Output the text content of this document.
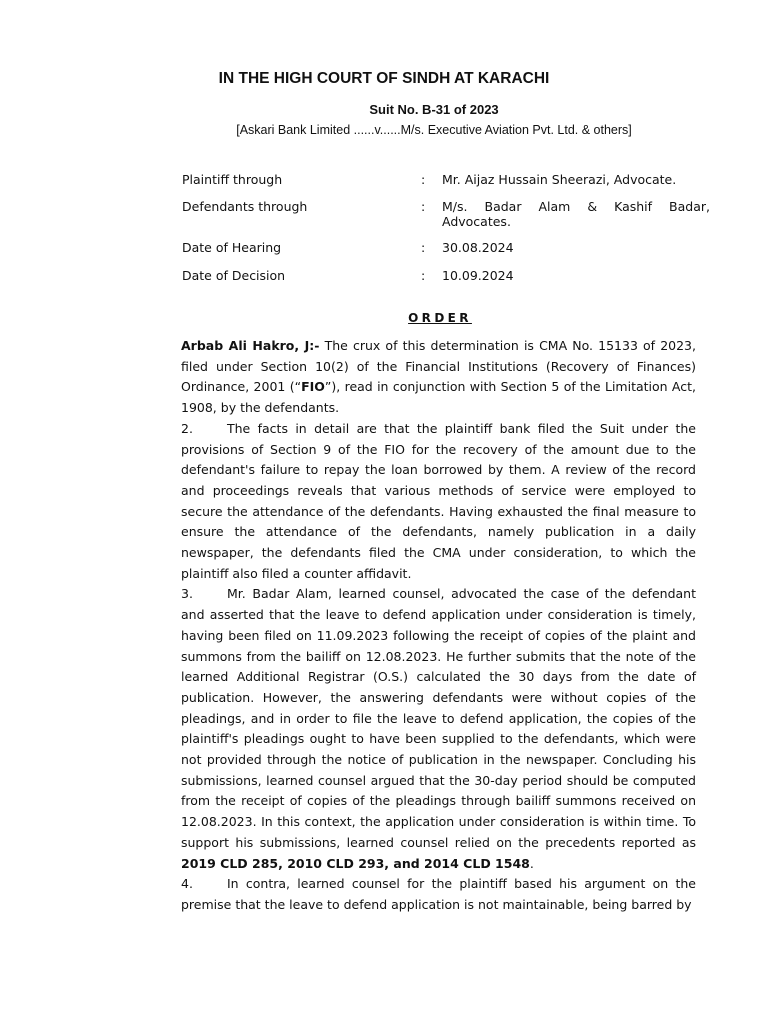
IN THE HIGH COURT OF SINDH AT KARACHI
Suit No. B-31 of 2023
[Askari Bank Limited ......v......M/s. Executive Aviation Pvt. Ltd. & others]
Plaintiff through	: Mr. Aijaz Hussain Sheerazi, Advocate.
Defendants through	: M/s. Badar Alam & Kashif Badar,
Advocates.
Date of Hearing	: 30.08.2024
Date of Decision	: 10.09.2024
ORDER

Arbab Ali Hakro, J:- The crux of this determination is CMA No. 15133 of 2023, filed under Section 10(2) of the Financial Institutions (Recovery of Finances) Ordinance, 2001 (“FIO”), read in conjunction with Section 5 of the Limitation Act, 1908, by the defendants.

2.	The facts in detail are that the plaintiff bank filed the Suit under the provisions of Section 9 of the FIO for the recovery of the amount due to the defendant's failure to repay the loan borrowed by them. A review of the record and proceedings reveals that various methods of service were employed to secure the attendance of the defendants. Having exhausted the final measure to ensure the attendance of the defendants, namely publication in a daily newspaper, the defendants filed the CMA under consideration, to which the plaintiff also filed a counter affidavit.

3.	Mr. Badar Alam, learned counsel, advocated the case of the defendant and asserted that the leave to defend application under consideration is timely, having been filed on 11.09.2023 following the receipt of copies of the plaint and summons from the bailiff on 12.08.2023. He further submits that the note of the learned Additional Registrar (O.S.) calculated the 30 days from the date of publication. However, the answering defendants were without copies of the pleadings, and in order to file the leave to defend application, the copies of the plaintiff's pleadings ought to have been supplied to the defendants, which were not provided through the notice of publication in the newspaper. Concluding his submissions, learned counsel argued that the 30-day period should be computed from the receipt of copies of the pleadings through bailiff summons received on 12.08.2023. In this context, the application under consideration is within time. To support his submissions, learned counsel relied on the precedents reported as 2019 CLD 285, 2010 CLD 293, and 2014 CLD 1548.

4.	In contra, learned counsel for the plaintiff based his argument on the premise that the leave to defend application is not maintainable, being barred by
